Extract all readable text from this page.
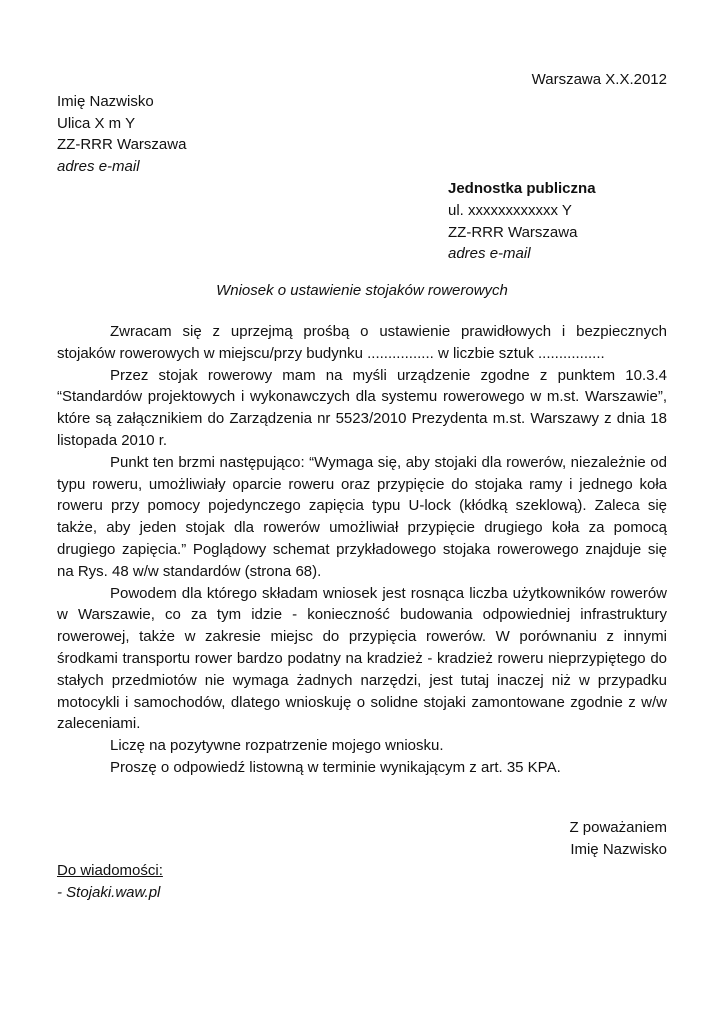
Warszawa X.X.2012
Imię Nazwisko
Ulica X m Y
ZZ-RRR Warszawa
adres e-mail
Jednostka publiczna
ul. xxxxxxxxxxxx Y
ZZ-RRR Warszawa
adres e-mail
Wniosek o ustawienie stojaków rowerowych

Zwracam się z uprzejmą prośbą o ustawienie prawidłowych i bezpiecznych stojaków rowerowych w miejscu/przy budynku ................ w liczbie sztuk ................

Przez stojak rowerowy mam na myśli urządzenie zgodne z punktem 10.3.4 “Standardów projektowych i wykonawczych dla systemu rowerowego w m.st. Warszawie”, które są załącznikiem do Zarządzenia nr 5523/2010 Prezydenta m.st. Warszawy z dnia 18 listopada 2010 r.

Punkt ten brzmi następująco: “Wymaga się, aby stojaki dla rowerów, niezależnie od typu roweru, umożliwiały oparcie roweru oraz przypięcie do stojaka ramy i jednego koła roweru przy pomocy pojedynczego zapięcia typu U-lock (kłódką szeklową). Zaleca się także, aby jeden stojak dla rowerów umożliwiał przypięcie drugiego koła za pomocą drugiego zapięcia.” Poglądowy schemat przykładowego stojaka rowerowego znajduje się na Rys. 48 w/w standardów (strona 68).

Powodem dla którego składam wniosek jest rosnąca liczba użytkowników rowerów w Warszawie, co za tym idzie - konieczność budowania odpowiedniej infrastruktury rowerowej, także w zakresie miejsc do przypięcia rowerów. W porównaniu z innymi środkami transportu rower bardzo podatny na kradzież - kradzież roweru nieprzypiętego do stałych przedmiotów nie wymaga żadnych narzędzi, jest tutaj inaczej niż w przypadku motocykli i samochodów, dlatego wnioskuję o solidne stojaki zamontowane zgodnie z w/w zaleceniami.

Liczę na pozytywne rozpatrzenie mojego wniosku.

Proszę o odpowiedź listowną w terminie wynikającym z art. 35 KPA.

Z poważaniem
Imię Nazwisko
Do wiadomości:
- Stojaki.waw.pl
